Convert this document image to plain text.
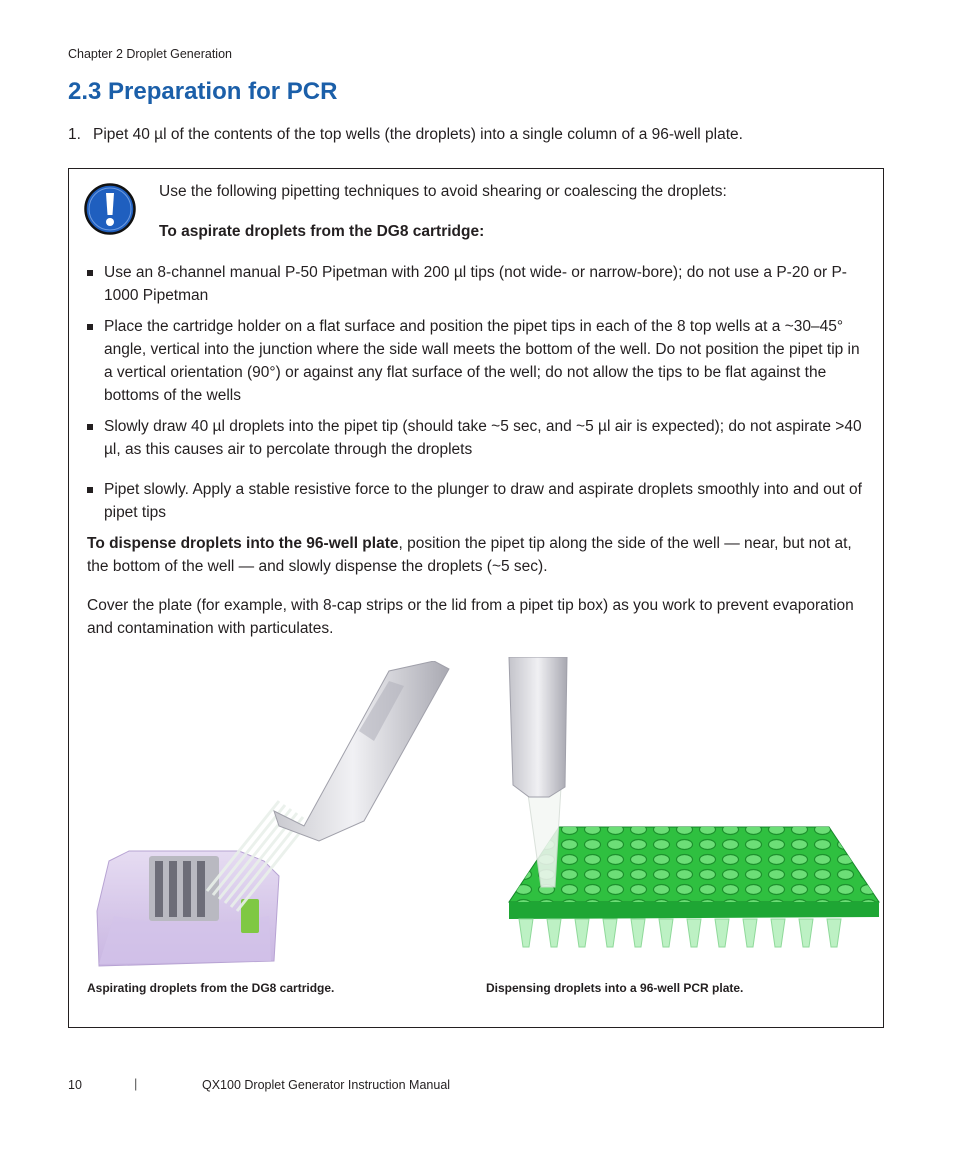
Chapter 2 Droplet Generation
2.3 Preparation for PCR
1. Pipet 40 µl of the contents of the top wells (the droplets) into a single column of a 96-well plate.
Use the following pipetting techniques to avoid shearing or coalescing the droplets:
To aspirate droplets from the DG8 cartridge:
Use an 8-channel manual P-50 Pipetman with 200 µl tips (not wide- or narrow-bore); do not use a P-20 or P-1000 Pipetman
Place the cartridge holder on a flat surface and position the pipet tips in each of the 8 top wells at a ~30–45° angle, vertical into the junction where the side wall meets the bottom of the well. Do not position the pipet tip in a vertical orientation (90°) or against any flat surface of the well; do not allow the tips to be flat against the bottoms of the wells
Slowly draw 40 µl droplets into the pipet tip (should take ~5 sec, and ~5 µl air is expected); do not aspirate >40 µl, as this causes air to percolate through the droplets
Pipet slowly. Apply a stable resistive force to the plunger to draw and aspirate droplets smoothly into and out of pipet tips

To dispense droplets into the 96-well plate, position the pipet tip along the side of the well — near, but not at, the bottom of the well — and slowly dispense the droplets (~5 sec).

Cover the plate (for example, with 8-cap strips or the lid from a pipet tip box) as you work to prevent evaporation and contamination with particulates.

Aspirating droplets from the DG8 cartridge.	Dispensing droplets into a 96-well PCR plate.
10	|	QX100 Droplet Generator Instruction Manual
